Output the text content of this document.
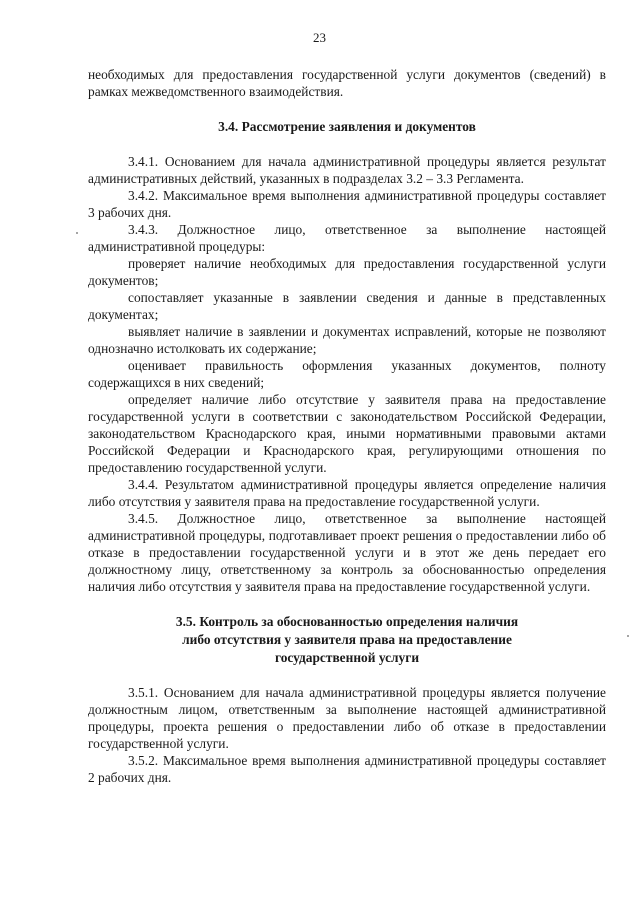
23

необходимых для предоставления государственной услуги документов (сведений) в рамках межведомственного взаимодействия.

3.4. Рассмотрение заявления и документов

3.4.1. Основанием для начала административной процедуры является результат административных действий, указанных в подразделах 3.2 – 3.3 Регламента.

3.4.2. Максимальное время выполнения административной процедуры составляет 3 рабочих дня.

3.4.3. Должностное лицо, ответственное за выполнение настоящей административной процедуры:

проверяет наличие необходимых для предоставления государственной услуги документов;

сопоставляет указанные в заявлении сведения и данные в представленных документах;

выявляет наличие в заявлении и документах исправлений, которые не позволяют однозначно истолковать их содержание;

оценивает правильность оформления указанных документов, полноту содержащихся в них сведений;

определяет наличие либо отсутствие у заявителя права на предоставление государственной услуги в соответствии с законодательством Российской Федерации, законодательством Краснодарского края, иными нормативными правовыми актами Российской Федерации и Краснодарского края, регулирующими отношения по предоставлению государственной услуги.

3.4.4. Результатом административной процедуры является определение наличия либо отсутствия у заявителя права на предоставление государственной услуги.

3.4.5. Должностное лицо, ответственное за выполнение настоящей административной процедуры, подготавливает проект решения о предоставлении либо об отказе в предоставлении государственной услуги и в этот же день передает его должностному лицу, ответственному за контроль за обоснованностью определения наличия либо отсутствия у заявителя права на предоставление государственной услуги.

3.5. Контроль за обоснованностью определения наличия
либо отсутствия у заявителя права на предоставление
государственной услуги

3.5.1. Основанием для начала административной процедуры является получение должностным лицом, ответственным за выполнение настоящей административной процедуры, проекта решения о предоставлении либо об отказе в предоставлении государственной услуги.

3.5.2. Максимальное время выполнения административной процедуры составляет 2 рабочих дня.
